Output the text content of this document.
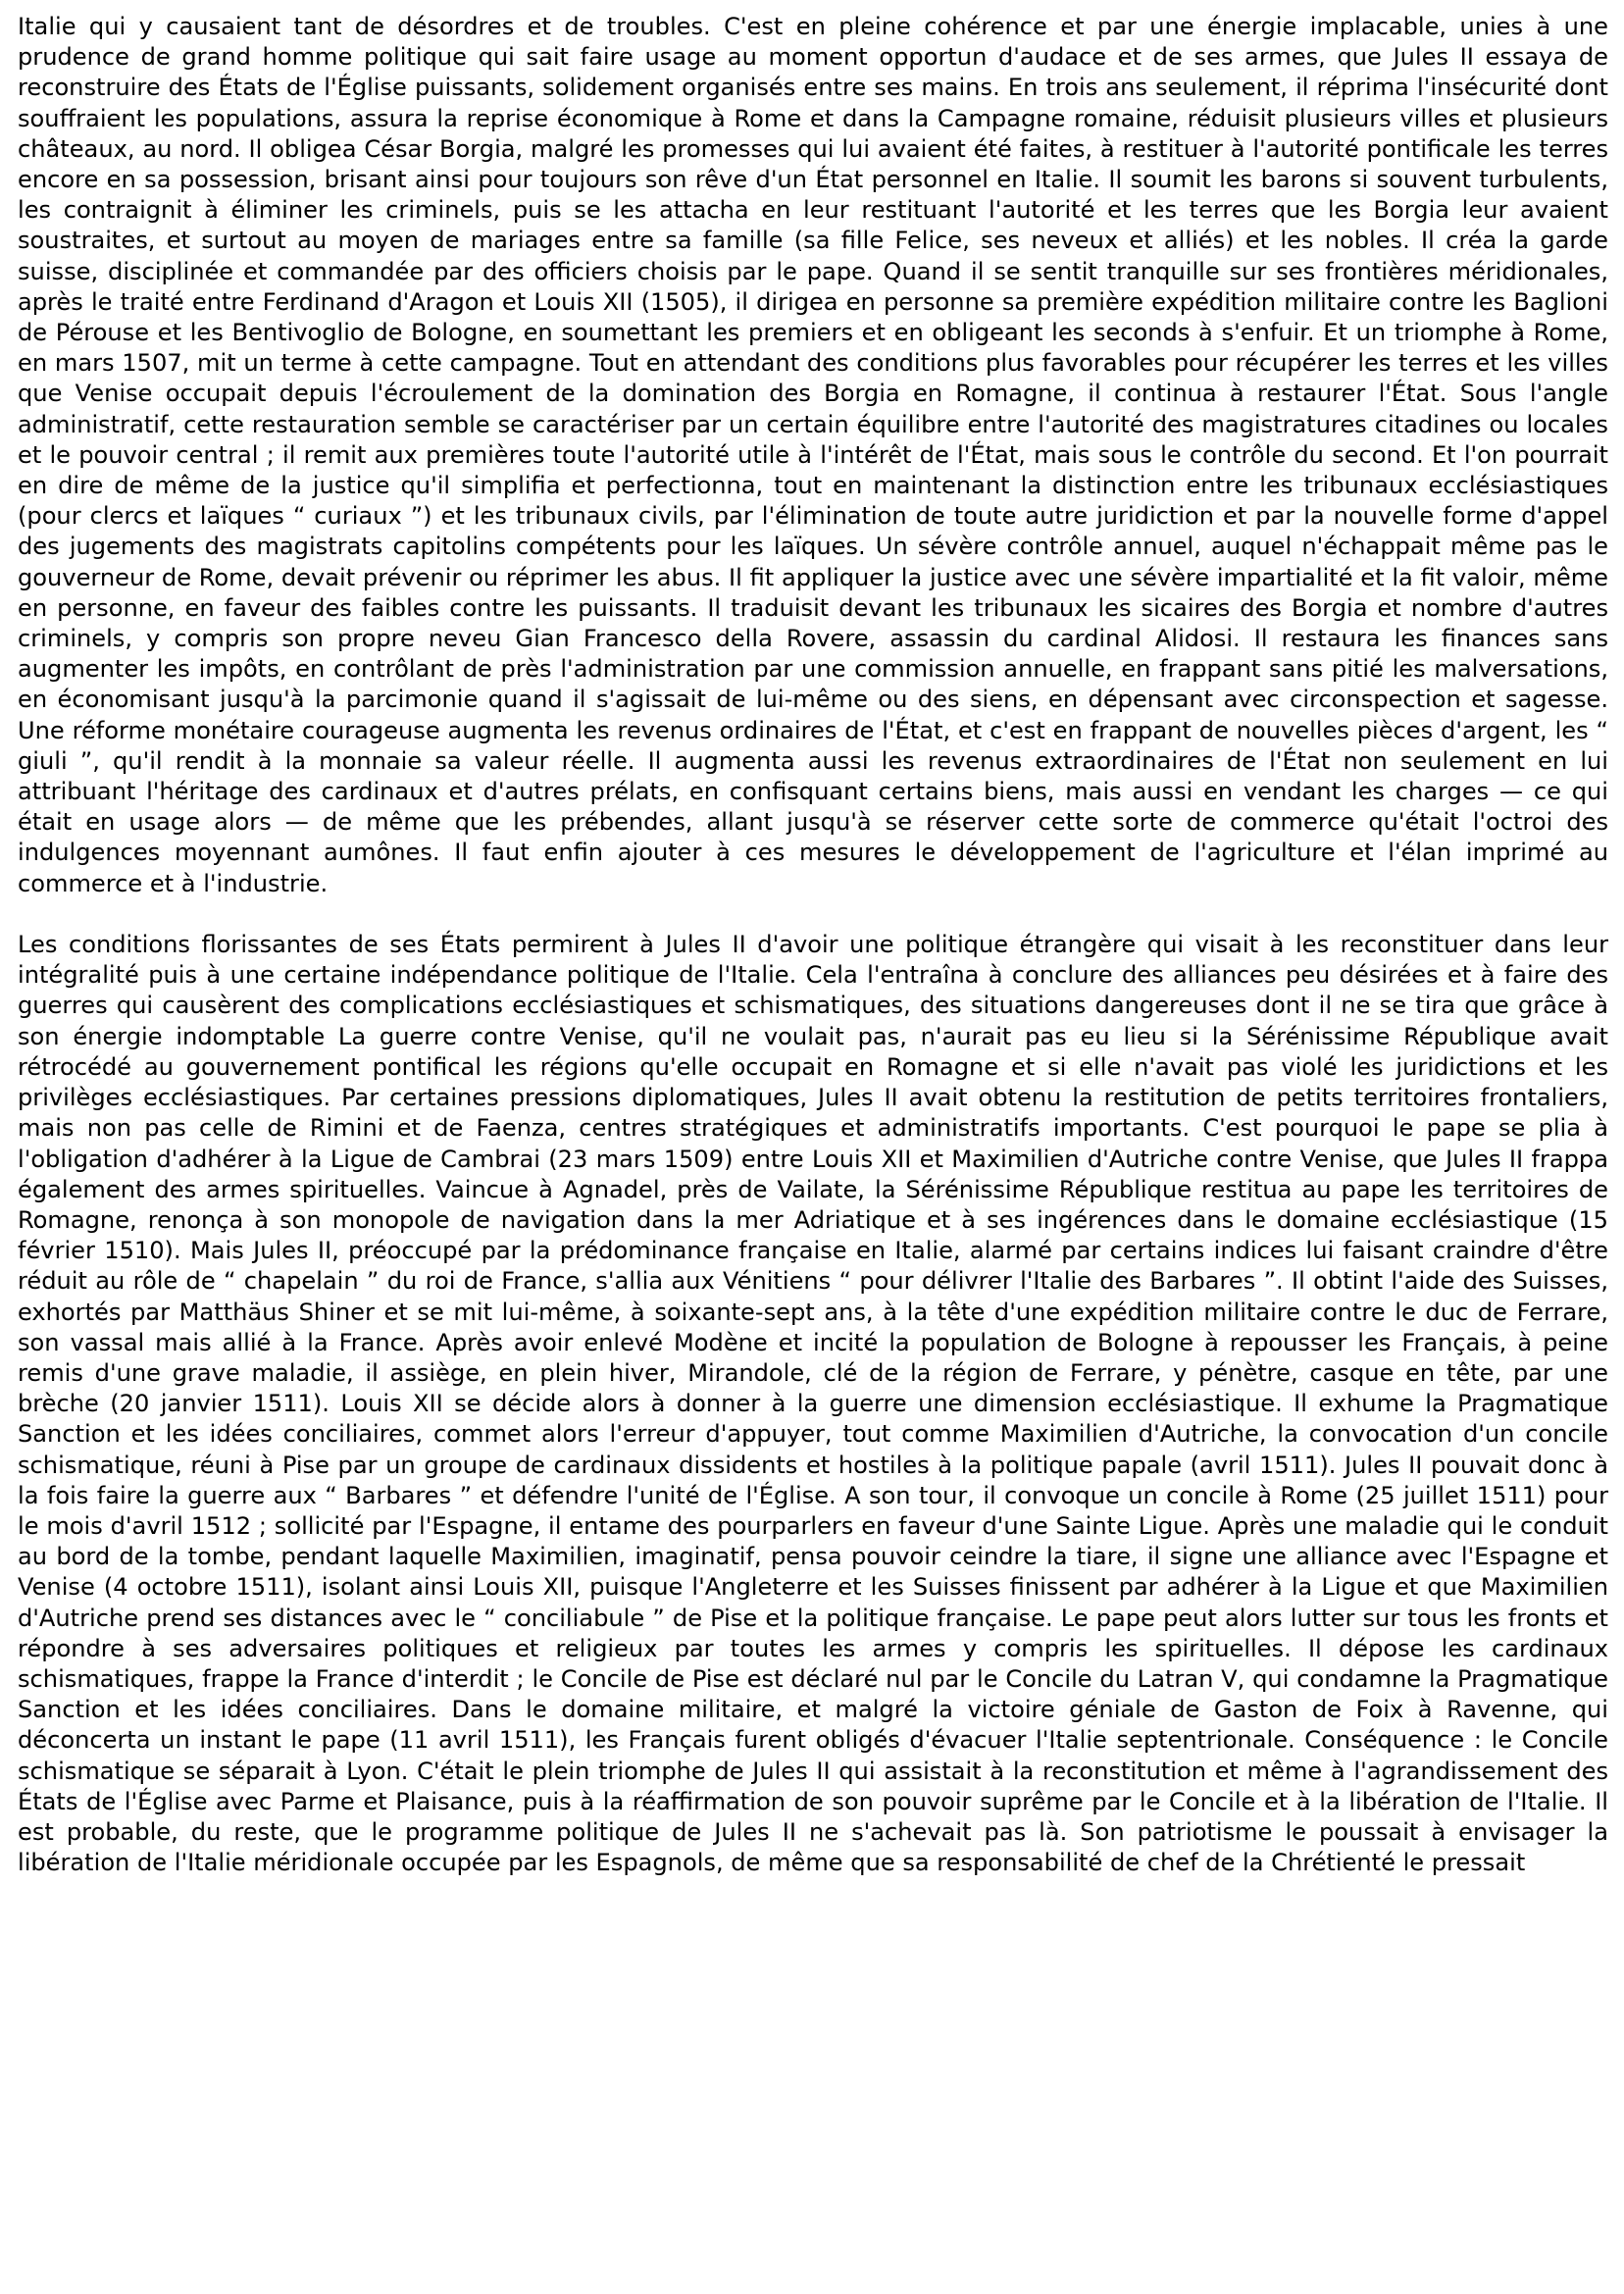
Italie qui y causaient tant de désordres et de troubles. C'est en pleine cohérence et par une énergie implacable, unies à une prudence de grand homme politique qui sait faire usage au moment opportun d'audace et de ses armes, que Jules II essaya de reconstruire des États de l'Église puissants, solidement organisés entre ses mains. En trois ans seulement, il réprima l'insécurité dont souffraient les populations, assura la reprise économique à Rome et dans la Campagne romaine, réduisit plusieurs villes et plusieurs châteaux, au nord. Il obligea César Borgia, malgré les promesses qui lui avaient été faites, à restituer à l'autorité pontificale les terres encore en sa possession, brisant ainsi pour toujours son rêve d'un État personnel en Italie. Il soumit les barons si souvent turbulents, les contraignit à éliminer les criminels, puis se les attacha en leur restituant l'autorité et les terres que les Borgia leur avaient soustraites, et surtout au moyen de mariages entre sa famille (sa fille Felice, ses neveux et alliés) et les nobles. Il créa la garde suisse, disciplinée et commandée par des officiers choisis par le pape. Quand il se sentit tranquille sur ses frontières méridionales, après le traité entre Ferdinand d'Aragon et Louis XII (1505), il dirigea en personne sa première expédition militaire contre les Baglioni de Pérouse et les Bentivoglio de Bologne, en soumettant les premiers et en obligeant les seconds à s'enfuir. Et un triomphe à Rome, en mars 1507, mit un terme à cette campagne. Tout en attendant des conditions plus favorables pour récupérer les terres et les villes que Venise occupait depuis l'écroulement de la domination des Borgia en Romagne, il continua à restaurer l'État. Sous l'angle administratif, cette restauration semble se caractériser par un certain équilibre entre l'autorité des magistratures citadines ou locales et le pouvoir central ; il remit aux premières toute l'autorité utile à l'intérêt de l'État, mais sous le contrôle du second. Et l'on pourrait en dire de même de la justice qu'il simplifia et perfectionna, tout en maintenant la distinction entre les tribunaux ecclésiastiques (pour clercs et laïques “ curiaux ”) et les tribunaux civils, par l'élimination de toute autre juridiction et par la nouvelle forme d'appel des jugements des magistrats capitolins compétents pour les laïques. Un sévère contrôle annuel, auquel n'échappait même pas le gouverneur de Rome, devait prévenir ou réprimer les abus. Il fit appliquer la justice avec une sévère impartialité et la fit valoir, même en personne, en faveur des faibles contre les puissants. Il traduisit devant les tribunaux les sicaires des Borgia et nombre d'autres criminels, y compris son propre neveu Gian Francesco della Rovere, assassin du cardinal Alidosi. Il restaura les finances sans augmenter les impôts, en contrôlant de près l'administration par une commission annuelle, en frappant sans pitié les malversations, en économisant jusqu'à la parcimonie quand il s'agissait de lui-même ou des siens, en dépensant avec circonspection et sagesse. Une réforme monétaire courageuse augmenta les revenus ordinaires de l'État, et c'est en frappant de nouvelles pièces d'argent, les “ giuli ”, qu'il rendit à la monnaie sa valeur réelle. Il augmenta aussi les revenus extraordinaires de l'État non seulement en lui attribuant l'héritage des cardinaux et d'autres prélats, en confisquant certains biens, mais aussi en vendant les charges — ce qui était en usage alors — de même que les prébendes, allant jusqu'à se réserver cette sorte de commerce qu'était l'octroi des indulgences moyennant aumônes. Il faut enfin ajouter à ces mesures le développement de l'agriculture et l'élan imprimé au commerce et à l'industrie.

Les conditions florissantes de ses États permirent à Jules II d'avoir une politique étrangère qui visait à les reconstituer dans leur intégralité puis à une certaine indépendance politique de l'Italie. Cela l'entraîna à conclure des alliances peu désirées et à faire des guerres qui causèrent des complications ecclésiastiques et schismatiques, des situations dangereuses dont il ne se tira que grâce à son énergie indomptable La guerre contre Venise, qu'il ne voulait pas, n'aurait pas eu lieu si la Sérénissime République avait rétrocédé au gouvernement pontifical les régions qu'elle occupait en Romagne et si elle n'avait pas violé les juridictions et les privilèges ecclésiastiques. Par certaines pressions diplomatiques, Jules II avait obtenu la restitution de petits territoires frontaliers, mais non pas celle de Rimini et de Faenza, centres stratégiques et administratifs importants. C'est pourquoi le pape se plia à l'obligation d'adhérer à la Ligue de Cambrai (23 mars 1509) entre Louis XII et Maximilien d'Autriche contre Venise, que Jules II frappa également des armes spirituelles. Vaincue à Agnadel, près de Vailate, la Sérénissime République restitua au pape les territoires de Romagne, renonça à son monopole de navigation dans la mer Adriatique et à ses ingérences dans le domaine ecclésiastique (15 février 1510). Mais Jules II, préoccupé par la prédominance française en Italie, alarmé par certains indices lui faisant craindre d'être réduit au rôle de “ chapelain ” du roi de France, s'allia aux Vénitiens “ pour délivrer l'Italie des Barbares ”. Il obtint l'aide des Suisses, exhortés par Matthäus Shiner et se mit lui-même, à soixante-sept ans, à la tête d'une expédition militaire contre le duc de Ferrare, son vassal mais allié à la France. Après avoir enlevé Modène et incité la population de Bologne à repousser les Français, à peine remis d'une grave maladie, il assiège, en plein hiver, Mirandole, clé de la région de Ferrare, y pénètre, casque en tête, par une brèche (20 janvier 1511). Louis XII se décide alors à donner à la guerre une dimension ecclésiastique. Il exhume la Pragmatique Sanction et les idées conciliaires, commet alors l'erreur d'appuyer, tout comme Maximilien d'Autriche, la convocation d'un concile schismatique, réuni à Pise par un groupe de cardinaux dissidents et hostiles à la politique papale (avril 1511). Jules II pouvait donc à la fois faire la guerre aux “ Barbares ” et défendre l'unité de l'Église. A son tour, il convoque un concile à Rome (25 juillet 1511) pour le mois d'avril 1512 ; sollicité par l'Espagne, il entame des pourparlers en faveur d'une Sainte Ligue. Après une maladie qui le conduit au bord de la tombe, pendant laquelle Maximilien, imaginatif, pensa pouvoir ceindre la tiare, il signe une alliance avec l'Espagne et Venise (4 octobre 1511), isolant ainsi Louis XII, puisque l'Angleterre et les Suisses finissent par adhérer à la Ligue et que Maximilien d'Autriche prend ses distances avec le “ conciliabule ” de Pise et la politique française. Le pape peut alors lutter sur tous les fronts et répondre à ses adversaires politiques et religieux par toutes les armes y compris les spirituelles. Il dépose les cardinaux schismatiques, frappe la France d'interdit ; le Concile de Pise est déclaré nul par le Concile du Latran V, qui condamne la Pragmatique Sanction et les idées conciliaires. Dans le domaine militaire, et malgré la victoire géniale de Gaston de Foix à Ravenne, qui déconcerta un instant le pape (11 avril 1511), les Français furent obligés d'évacuer l'Italie septentrionale. Conséquence : le Concile schismatique se séparait à Lyon. C'était le plein triomphe de Jules II qui assistait à la reconstitution et même à l'agrandissement des États de l'Église avec Parme et Plaisance, puis à la réaffirmation de son pouvoir suprême par le Concile et à la libération de l'Italie. Il est probable, du reste, que le programme politique de Jules II ne s'achevait pas là. Son patriotisme le poussait à envisager la libération de l'Italie méridionale occupée par les Espagnols, de même que sa responsabilité de chef de la Chrétienté le pressait
